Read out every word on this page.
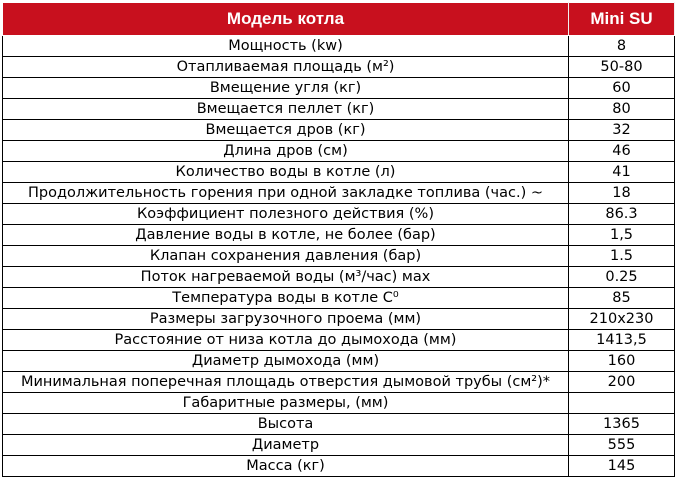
Модель котла	Mini SU
Мощность (kw)	8
Отапливаемая площадь (м²)	50-80
Вмещение угля (кг)	60
Вмещается пеллет (кг)	80
Вмещается дров (кг)	32
Длина дров (см)	46
Количество воды в котле (л)	41
Продолжительность горения при одной закладке топлива (час.) ~	18
Коэффициент полезного действия (%)	86.3
Давление воды в котле, не более (бар)	1,5
Клапан сохранения давления (бар)	1.5
Поток нагреваемой воды (м³/час) мах	0.25
Температура воды в котле С⁰	85
Размеры загрузочного проема (мм)	210x230
Расстояние от низа котла до дымохода (мм)	1413,5
Диаметр дымохода (мм)	160
Минимальная поперечная площадь отверстия дымовой трубы (см²)*	200
Габаритные размеры, (мм)	
Высота	1365
Диаметр	555
Масса (кг)	145
